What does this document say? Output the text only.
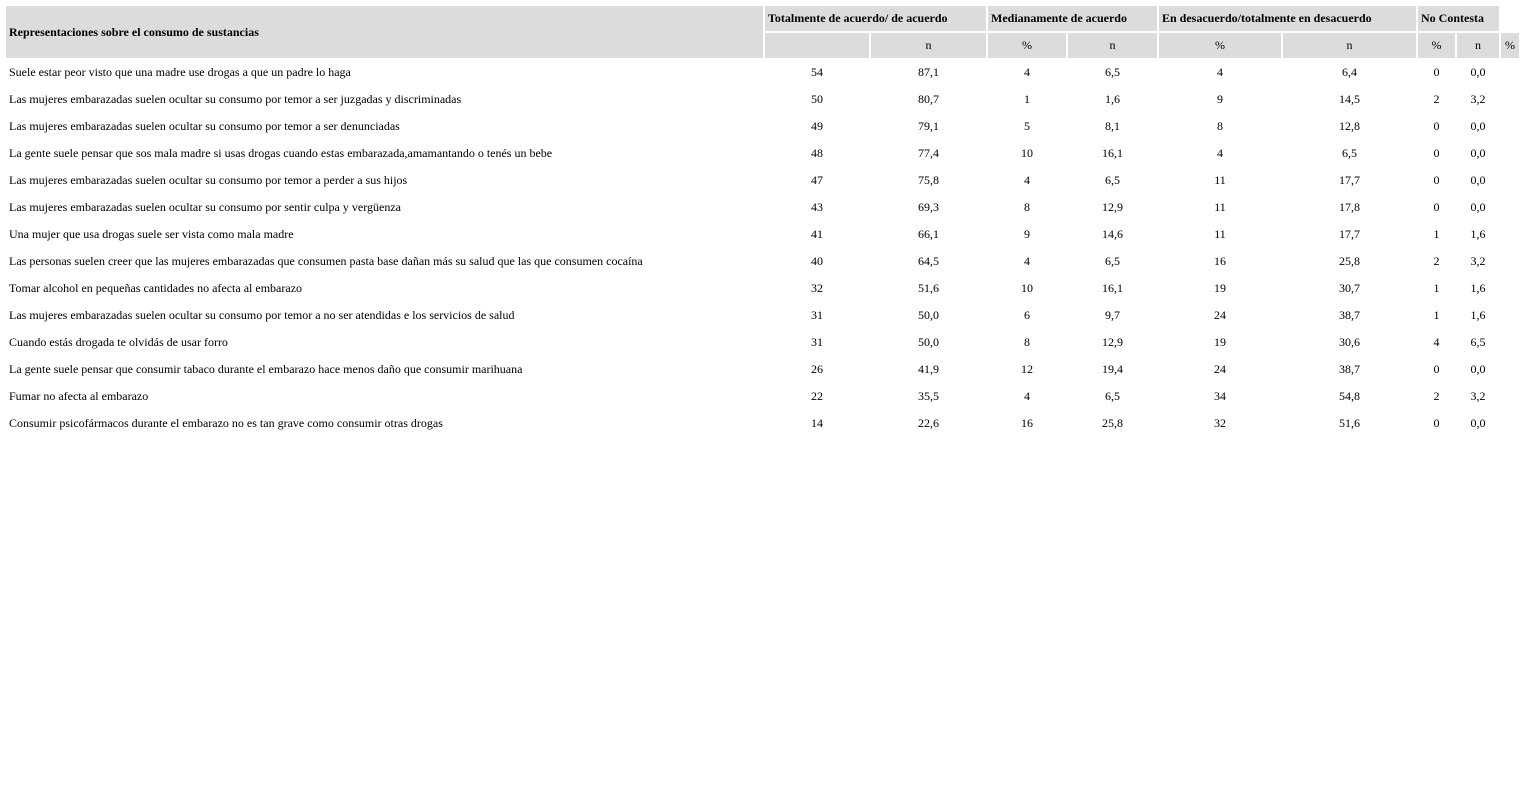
Representaciones sobre el consumo de sustancias	Totalmente de acuerdo/ de acuerdo		Medianamente de acuerdo		En desacuerdo/totalmente en desacuerdo		No Contesta		
		n	%	n	%	n	%	n	%
Suele estar peor visto que una madre use drogas a que un padre lo haga	54	87,1	4	6,5	4	6,4	0	0,0	
Las mujeres embarazadas suelen ocultar su consumo por temor a ser juzgadas y discriminadas	50	80,7	1	1,6	9	14,5	2	3,2	
Las mujeres embarazadas suelen ocultar su consumo por temor a ser denunciadas	49	79,1	5	8,1	8	12,8	0	0,0	
La gente suele pensar que sos mala madre si usas drogas cuando estas embarazada,amamantando o tenés un bebe	48	77,4	10	16,1	4	6,5	0	0,0	
Las mujeres embarazadas suelen ocultar su consumo por temor a perder a sus hijos	47	75,8	4	6,5	11	17,7	0	0,0	
Las mujeres embarazadas suelen ocultar su consumo por sentir culpa y vergüenza	43	69,3	8	12,9	11	17,8	0	0,0	
Una mujer que usa drogas suele ser vista como mala madre	41	66,1	9	14,6	11	17,7	1	1,6	
Las personas suelen creer que las mujeres embarazadas que consumen pasta base dañan más su salud que las que consumen cocaína	40	64,5	4	6,5	16	25,8	2	3,2	
Tomar alcohol en pequeñas cantidades no afecta al embarazo	32	51,6	10	16,1	19	30,7	1	1,6	
Las mujeres embarazadas suelen ocultar su consumo por temor a no ser atendidas e los servicios de salud	31	50,0	6	9,7	24	38,7	1	1,6	
Cuando estás drogada te olvidás de usar forro	31	50,0	8	12,9	19	30,6	4	6,5	
La gente suele pensar que consumir tabaco durante el embarazo hace menos daño que consumir marihuana	26	41,9	12	19,4	24	38,7	0	0,0	
Fumar no afecta al embarazo	22	35,5	4	6,5	34	54,8	2	3,2	
Consumir psicofármacos durante el embarazo no es tan grave como consumir otras drogas	14	22,6	16	25,8	32	51,6	0	0,0	
